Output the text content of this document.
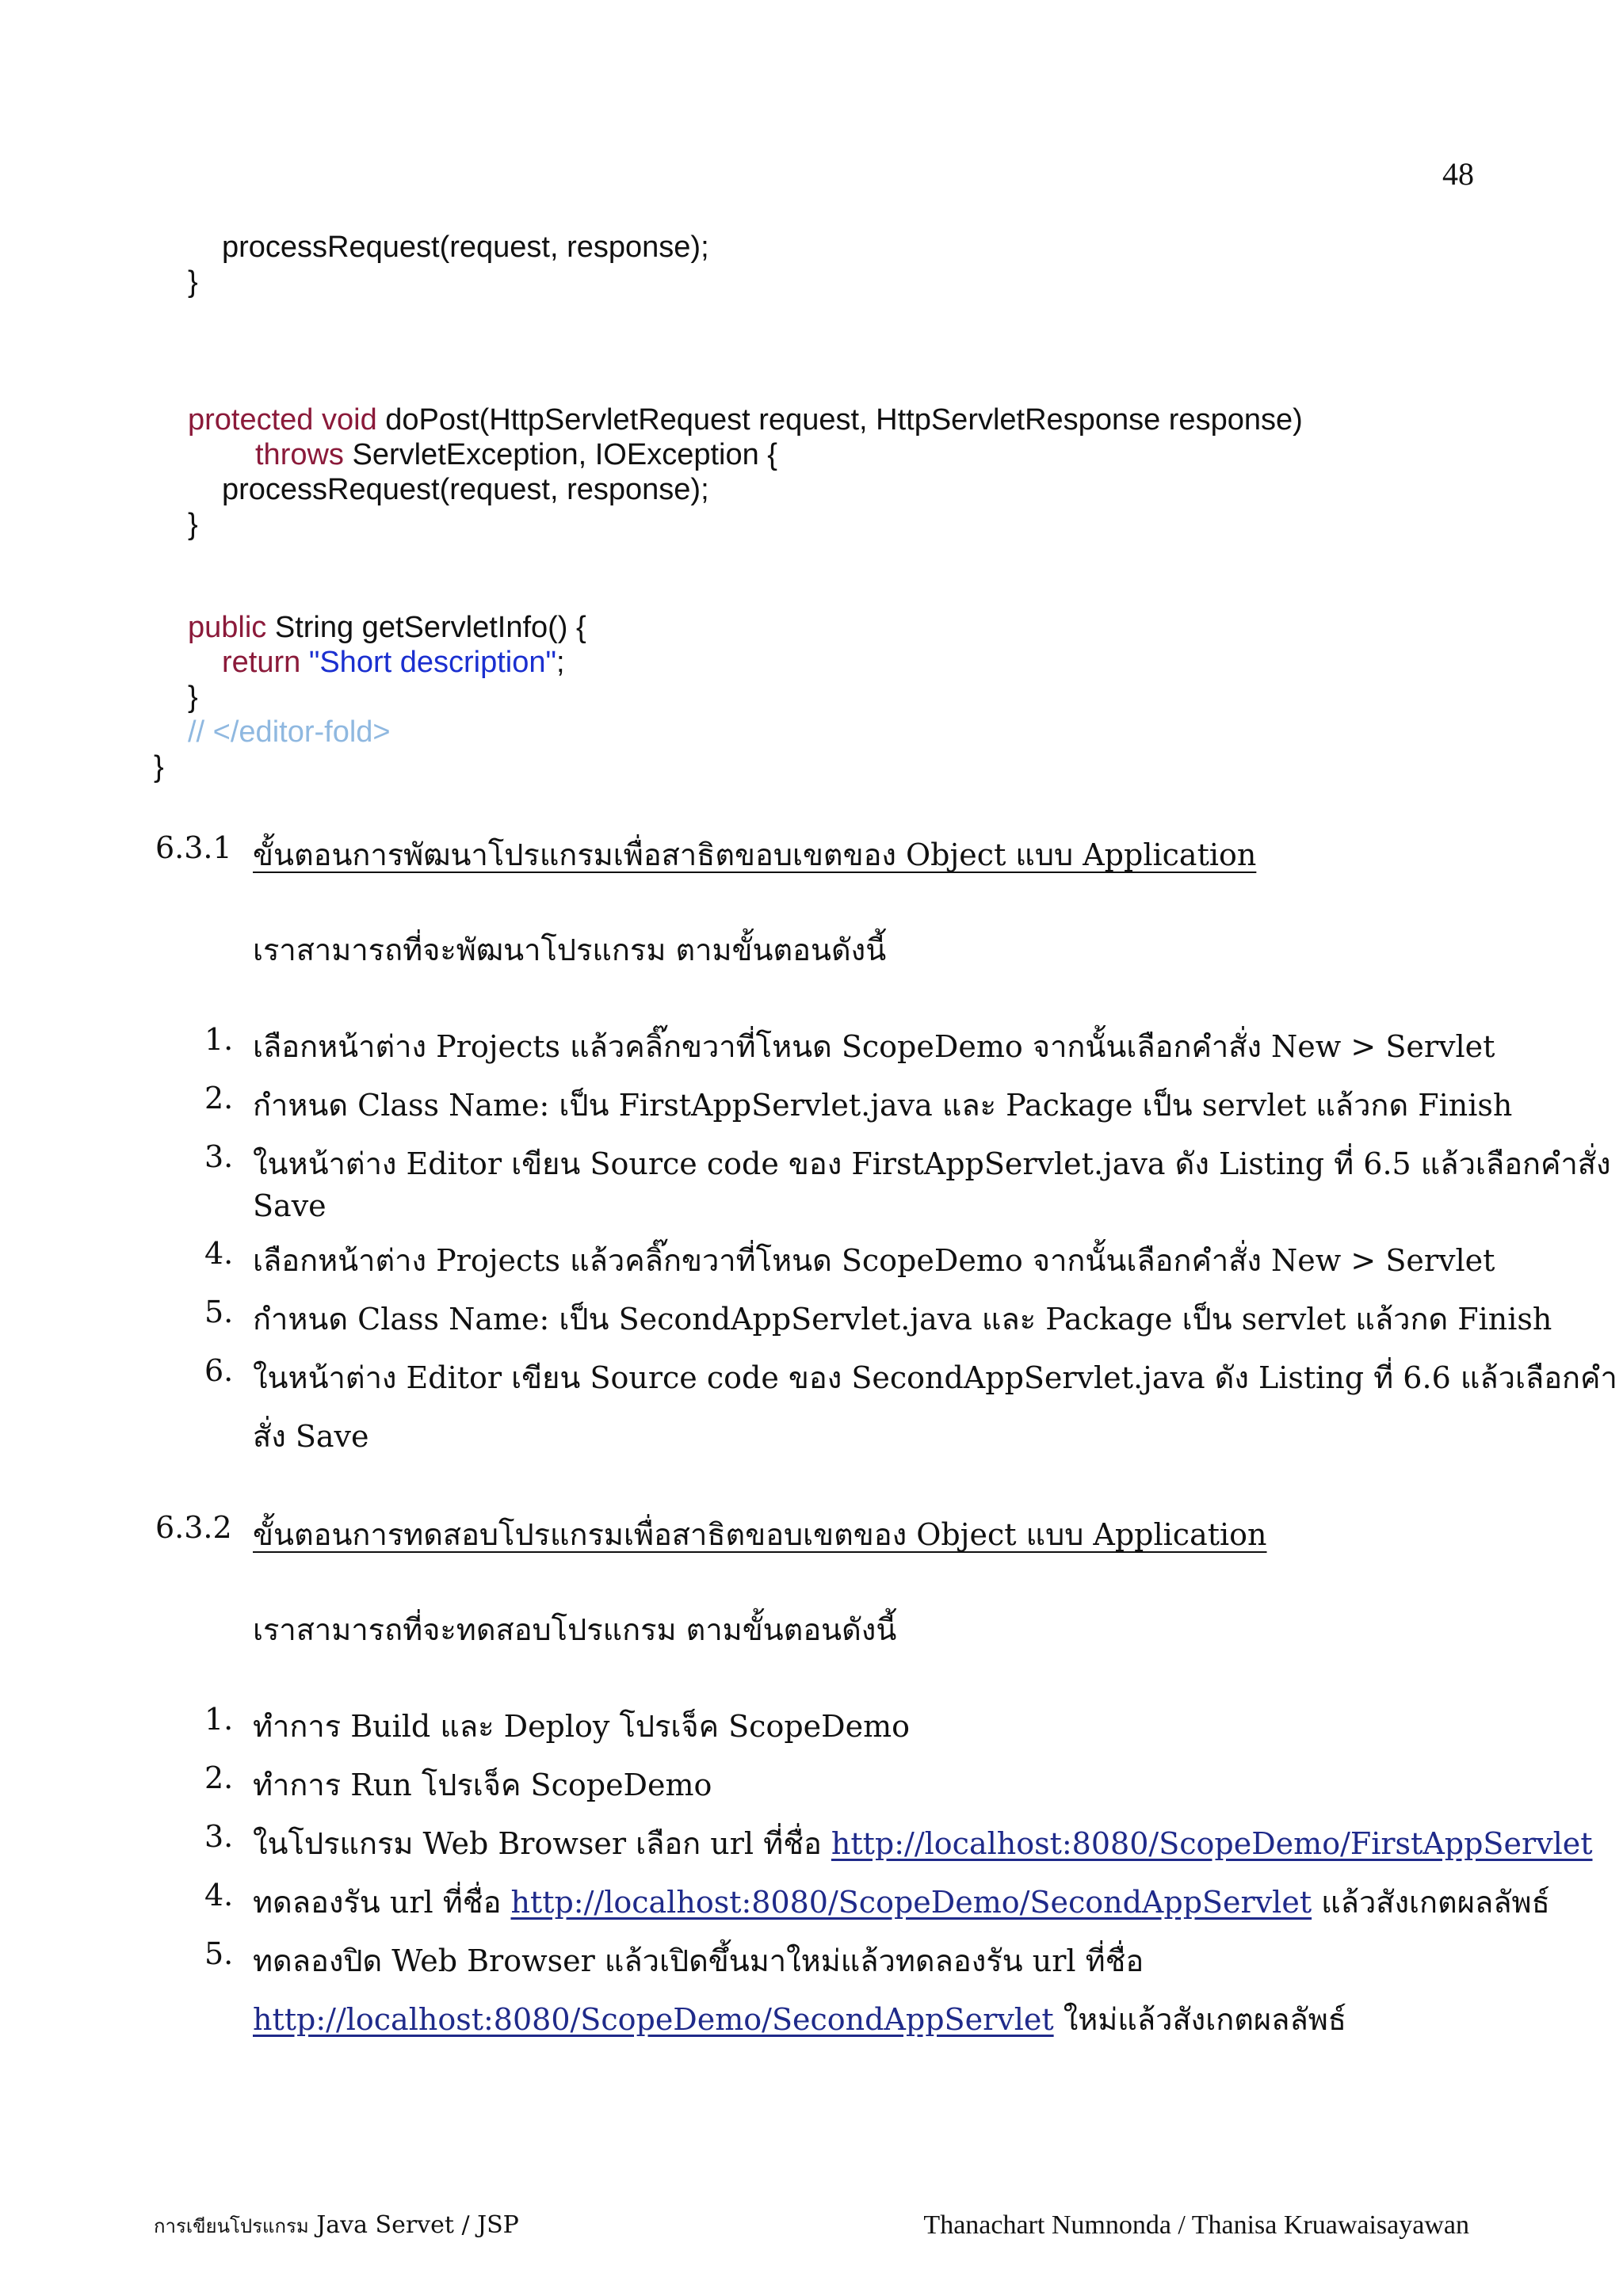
48
processRequest(request, response);
}
protected void doPost(HttpServletRequest request, HttpServletResponse response)
throws ServletException, IOException {
processRequest(request, response);
}
public String getServletInfo() {
return "Short description";
}
// </editor-fold>
}
6.3.1 ขั้นตอนการพัฒนาโปรแกรมเพื่อสาธิตขอบเขตของ Object แบบ Application
เราสามารถที่จะพัฒนาโปรแกรม ตามขั้นตอนดังนี้
1. เลือกหน้าต่าง Projects แล้วคลิ๊กขวาที่โหนด ScopeDemo จากนั้นเลือกคำสั่ง New > Servlet
2. กำหนด Class Name: เป็น FirstAppServlet.java และ Package เป็น servlet แล้วกด Finish
3. ในหน้าต่าง Editor เขียน Source code ของ FirstAppServlet.java ดัง Listing ที่ 6.5 แล้วเลือกคำสั่ง
Save
4. เลือกหน้าต่าง Projects แล้วคลิ๊กขวาที่โหนด ScopeDemo จากนั้นเลือกคำสั่ง New > Servlet
5. กำหนด Class Name: เป็น SecondAppServlet.java และ Package เป็น servlet แล้วกด Finish
6. ในหน้าต่าง Editor เขียน Source code ของ SecondAppServlet.java ดัง Listing ที่ 6.6 แล้วเลือกคำ
สั่ง Save
6.3.2 ขั้นตอนการทดสอบโปรแกรมเพื่อสาธิตขอบเขตของ Object แบบ Application
เราสามารถที่จะทดสอบโปรแกรม ตามขั้นตอนดังนี้
1. ทำการ Build และ Deploy โปรเจ็ค ScopeDemo
2. ทำการ Run โปรเจ็ค ScopeDemo
3. ในโปรแกรม Web Browser เลือก url ที่ชื่อ http://localhost:8080/ScopeDemo/FirstAppServlet
4. ทดลองรัน url ที่ชื่อ http://localhost:8080/ScopeDemo/SecondAppServlet แล้วสังเกตผลลัพธ์
5. ทดลองปิด Web Browser แล้วเปิดขึ้นมาใหม่แล้วทดลองรัน url ที่ชื่อ
http://localhost:8080/ScopeDemo/SecondAppServlet ใหม่แล้วสังเกตผลลัพธ์
การเขียนโปรแกรม Java Servet / JSP	Thanachart Numnonda / Thanisa Kruawaisayawan
